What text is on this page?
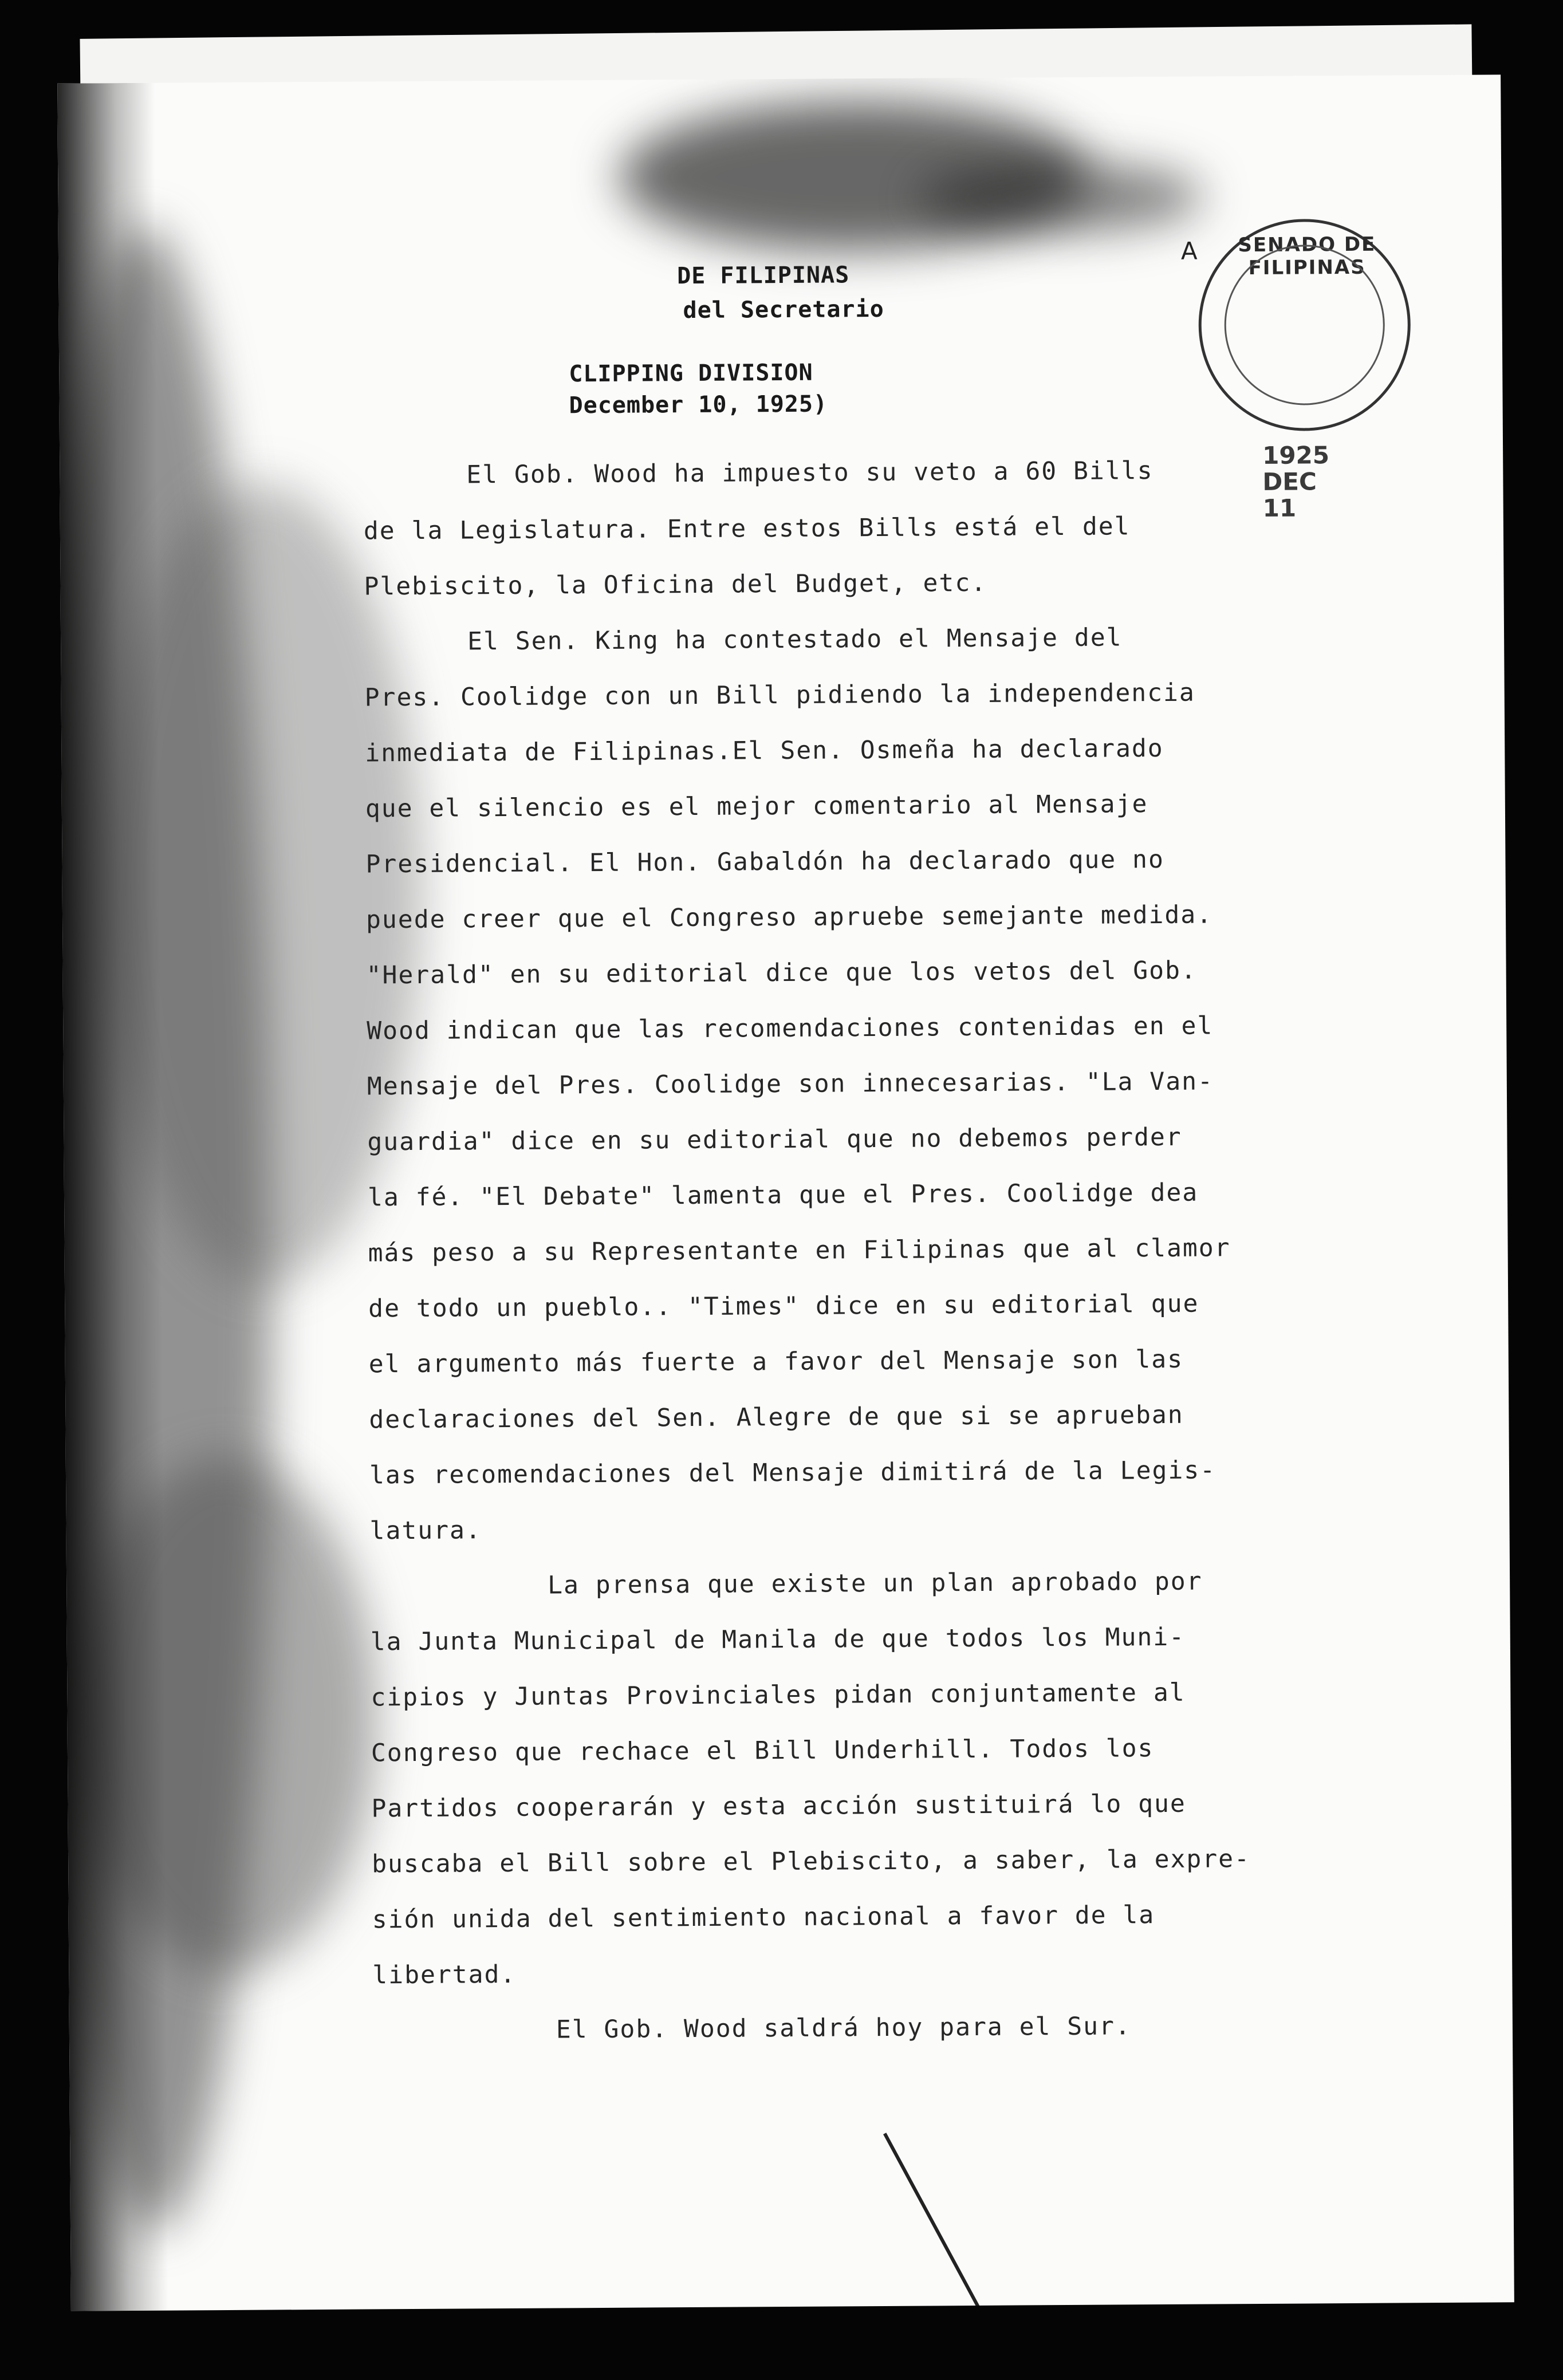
DE FILIPINAS
del Secretario
CLIPPING DIVISION
December 10, 1925)
A	SENADO DE FILIPINAS
1925
DEC
11
El Gob. Wood ha impuesto su veto a 60 Bills
de la Legislatura. Entre estos Bills está el del
Plebiscito, la Oficina del Budget, etc.
El Sen. King ha contestado el Mensaje del
Pres. Coolidge con un Bill pidiendo la independencia
inmediata de Filipinas.El Sen. Osmeña ha declarado
que el silencio es el mejor comentario al Mensaje
Presidencial. El Hon. Gabaldón ha declarado que no
puede creer que el Congreso apruebe semejante medida.
"Herald" en su editorial dice que los vetos del Gob.
Wood indican que las recomendaciones contenidas en el
Mensaje del Pres. Coolidge son innecesarias. "La Van-
guardia" dice en su editorial que no debemos perder
la fé. "El Debate" lamenta que el Pres. Coolidge dea
más peso a su Representante en Filipinas que al clamor
de todo un pueblo.. "Times" dice en su editorial que
el argumento más fuerte a favor del Mensaje son las
declaraciones del Sen. Alegre de que si se aprueban
las recomendaciones del Mensaje dimitirá de la Legis-
latura.
La prensa que existe un plan aprobado por
la Junta Municipal de Manila de que todos los Muni-
cipios y Juntas Provinciales pidan conjuntamente al
Congreso que rechace el Bill Underhill. Todos los
Partidos cooperarán y esta acción sustituirá lo que
buscaba el Bill sobre el Plebiscito, a saber, la expre-
sión unida del sentimiento nacional a favor de la
libertad.
El Gob. Wood saldrá hoy para el Sur.
